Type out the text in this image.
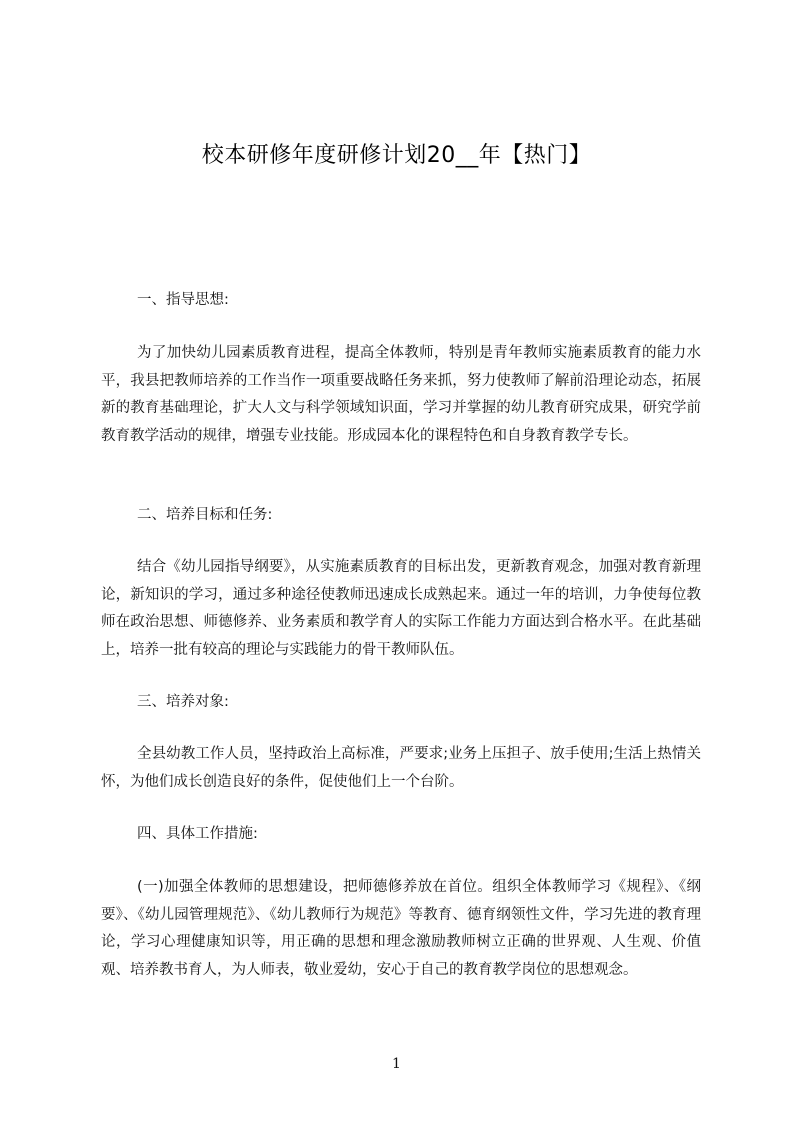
校本研修年度研修计划20__年【热门】
一、指导思想:
为了加快幼儿园素质教育进程，提高全体教师，特别是青年教师实施素质教育的能力水平，我县把教师培养的工作当作一项重要战略任务来抓，努力使教师了解前沿理论动态，拓展新的教育基础理论，扩大人文与科学领域知识面，学习并掌握的幼儿教育研究成果，研究学前教育教学活动的规律，增强专业技能。形成园本化的课程特色和自身教育教学专长。
二、培养目标和任务:
结合《幼儿园指导纲要》，从实施素质教育的目标出发，更新教育观念，加强对教育新理论，新知识的学习，通过多种途径使教师迅速成长成熟起来。通过一年的培训，力争使每位教师在政治思想、师德修养、业务素质和教学育人的实际工作能力方面达到合格水平。在此基础上，培养一批有较高的理论与实践能力的骨干教师队伍。
三、培养对象:
全县幼教工作人员，坚持政治上高标准，严要求;业务上压担子、放手使用;生活上热情关怀，为他们成长创造良好的条件，促使他们上一个台阶。
四、具体工作措施:
(一)加强全体教师的思想建设，把师德修养放在首位。组织全体教师学习《规程》、《纲要》、《幼儿园管理规范》、《幼儿教师行为规范》等教育、德育纲领性文件，学习先进的教育理论，学习心理健康知识等，用正确的思想和理念激励教师树立正确的世界观、人生观、价值观、培养教书育人，为人师表，敬业爱幼，安心于自己的教育教学岗位的思想观念。
1
